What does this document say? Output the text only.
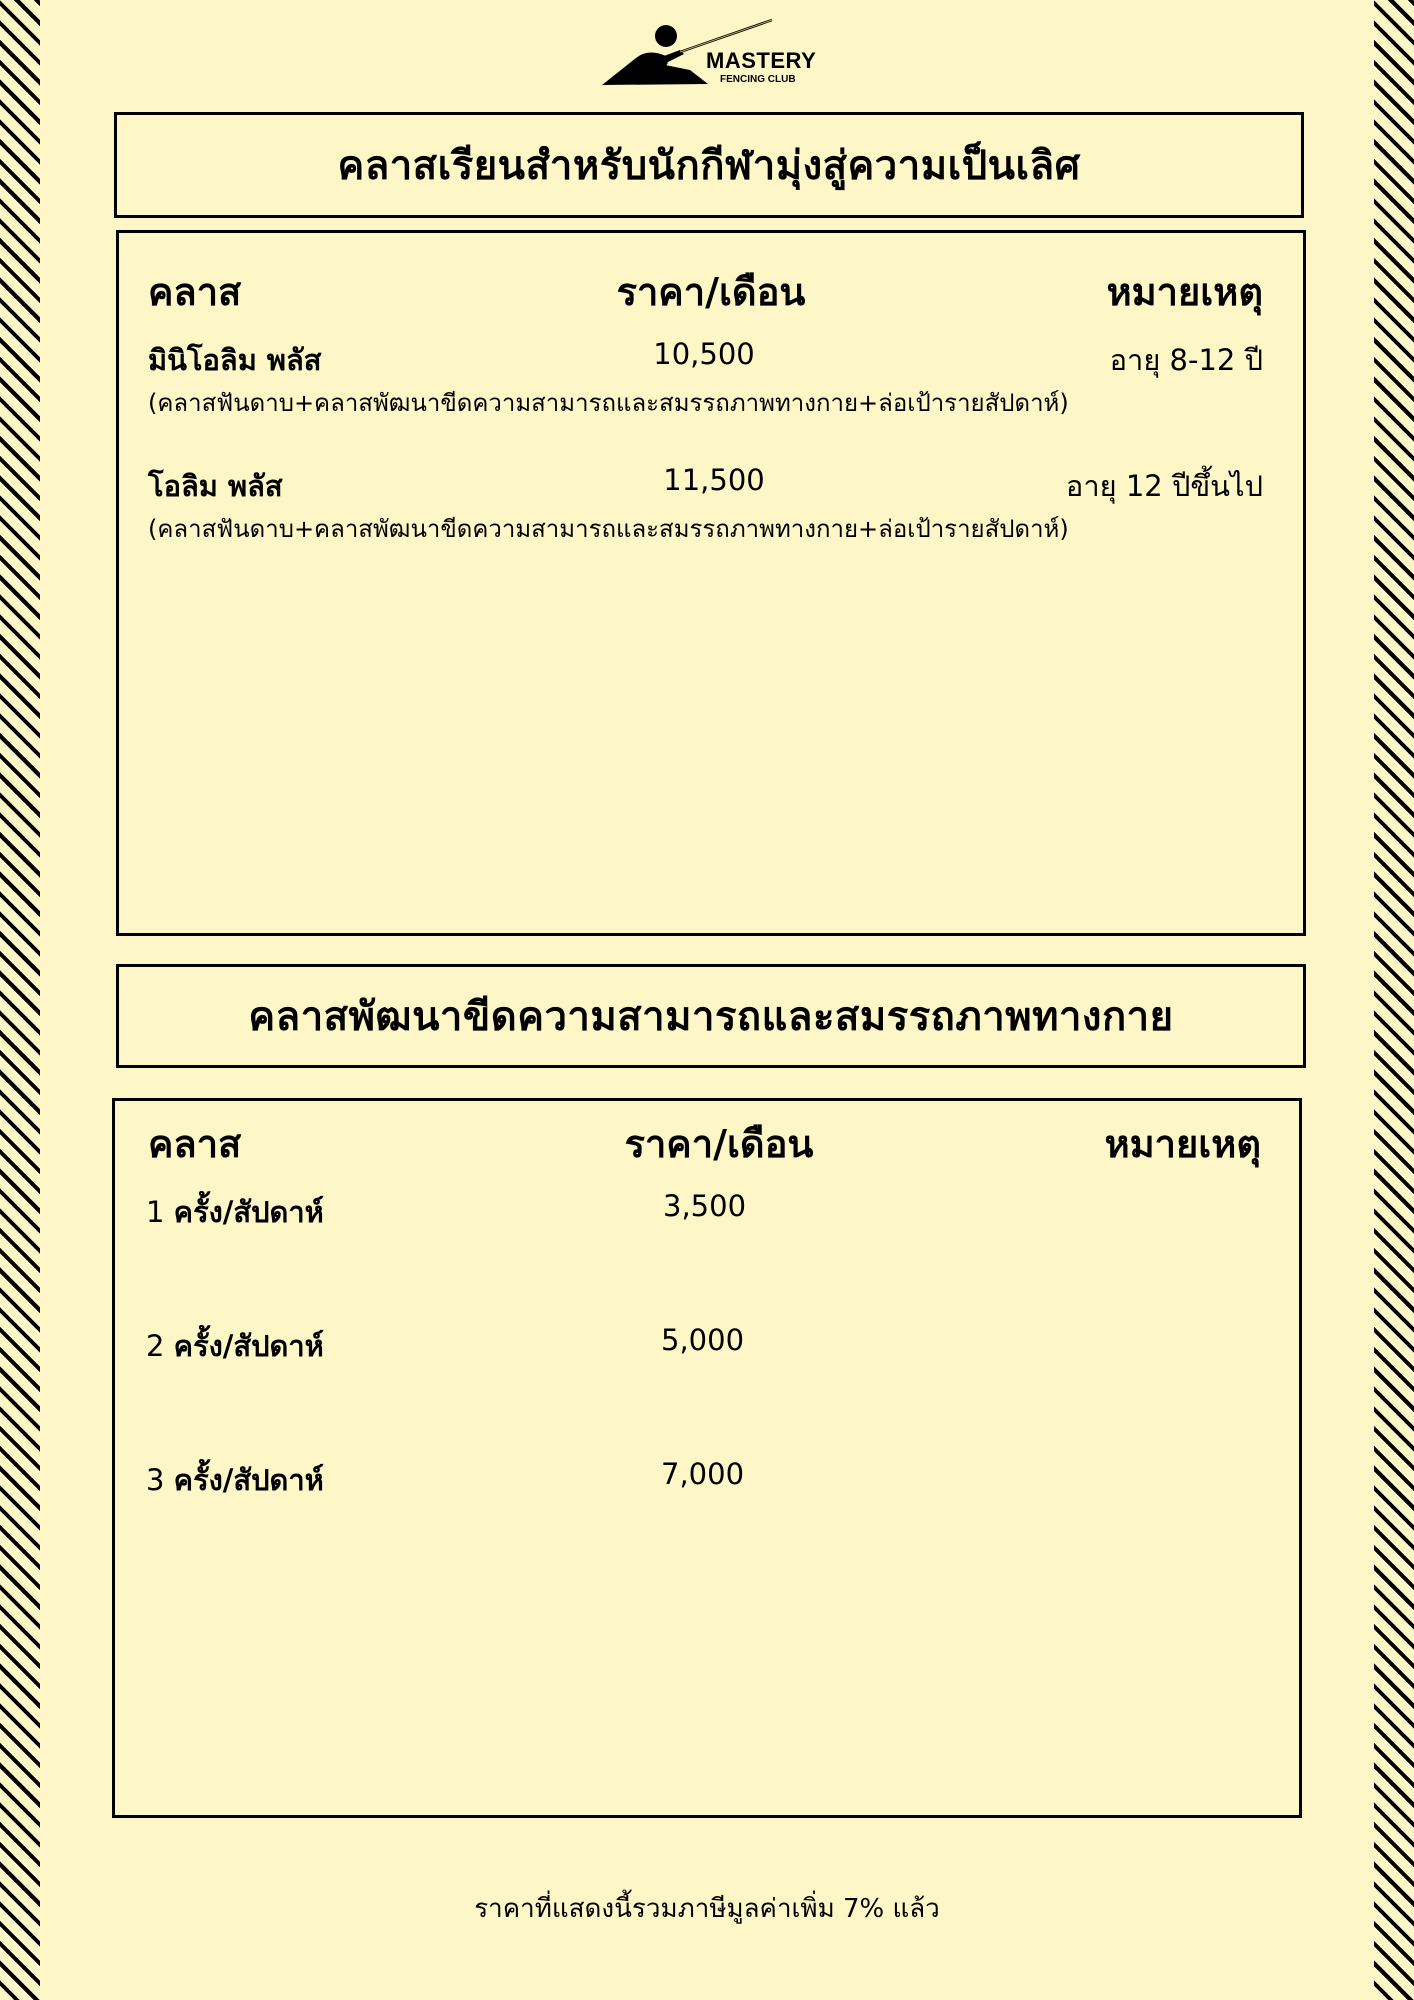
MASTERY
FENCING CLUB
คลาสเรียนสำหรับนักกีฬามุ่งสู่ความเป็นเลิศ
คลาส	ราคา/เดือน	หมายเหตุ
มินิโอลิม พลัส	10,500	อายุ 8-12 ปี
(คลาสฟันดาบ+คลาสพัฒนาขีดความสามารถและสมรรถภาพทางกาย+ล่อเป้ารายสัปดาห์)
โอลิม พลัส	11,500	อายุ 12 ปีขึ้นไป
(คลาสฟันดาบ+คลาสพัฒนาขีดความสามารถและสมรรถภาพทางกาย+ล่อเป้ารายสัปดาห์)
คลาสพัฒนาขีดความสามารถและสมรรถภาพทางกาย
คลาส	ราคา/เดือน	หมายเหตุ
1 ครั้ง/สัปดาห์	3,500
2 ครั้ง/สัปดาห์	5,000
3 ครั้ง/สัปดาห์	7,000
ราคาที่แสดงนี้รวมภาษีมูลค่าเพิ่ม 7% แล้ว
